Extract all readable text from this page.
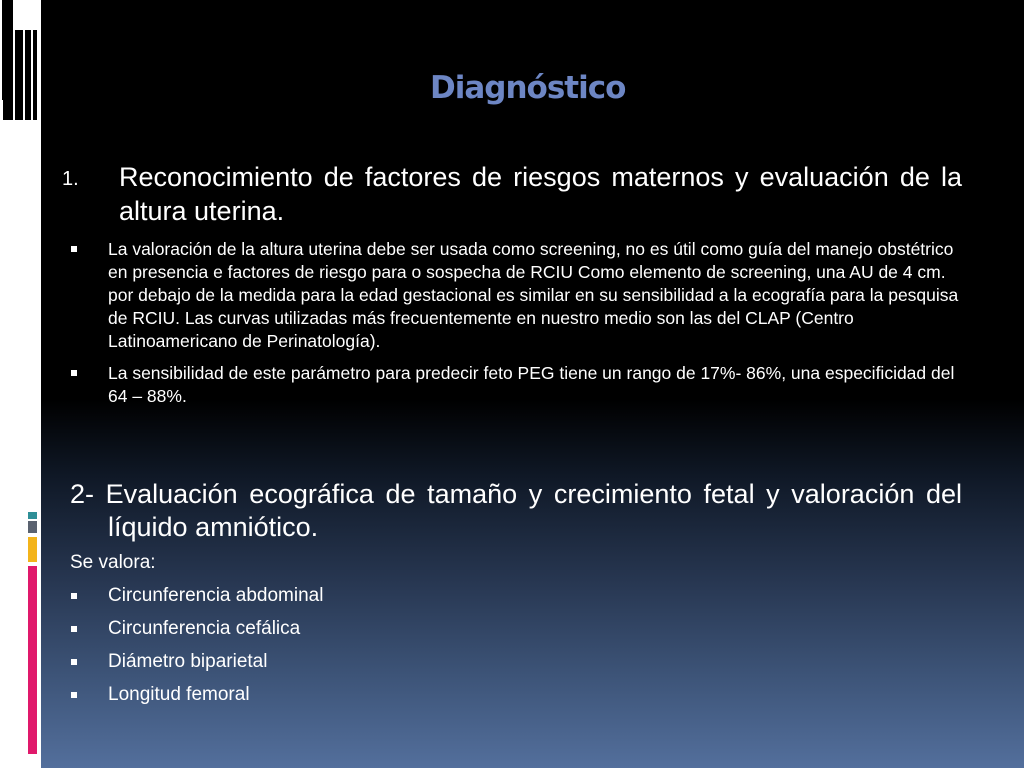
Diagnóstico
1. Reconocimiento de factores de riesgos maternos y evaluación de la altura uterina.
La valoración de la altura uterina debe ser usada como screening, no es útil como guía del manejo obstétrico en presencia e factores de riesgo para o sospecha de RCIU Como elemento de screening, una AU de 4 cm. por debajo de la medida para la edad gestacional es similar en su sensibilidad a la ecografía para la pesquisa de RCIU. Las curvas utilizadas más frecuentemente en nuestro medio son las del CLAP (Centro Latinoamericano de Perinatología).
La sensibilidad de este parámetro para predecir feto PEG tiene un rango de 17%- 86%, una especificidad del 64 – 88%.
2- Evaluación ecográfica de tamaño y crecimiento fetal y valoración del líquido amniótico.
Se valora:
Circunferencia abdominal
Circunferencia cefálica
Diámetro biparietal
Longitud femoral
